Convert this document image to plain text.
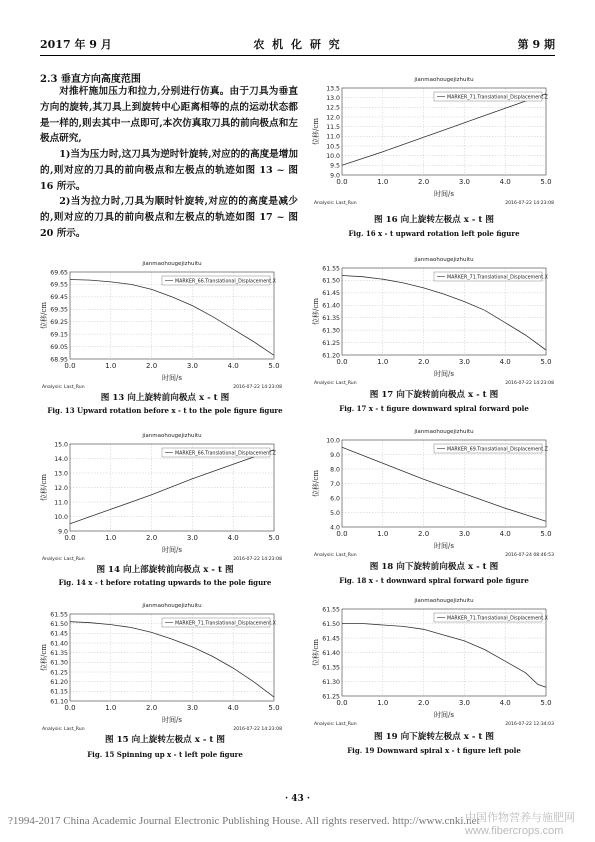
2017 年 9 月	农 机 化 研 究	第 9 期
2.3 垂直方向高度范围
对推杆施加压力和拉力,分别进行仿真。由于刀具为垂直方向的旋转,其刀具上到旋转中心距离相等的点的运动状态都是一样的,则去其中一点即可,本次仿真取刀具的前向极点和左极点研究,
1)当为压力时,这刀具为逆时针旋转,对应的的高度是增加的,则对应的刀具的前向极点和左极点的轨迹如图 13 ~ 图 16 所示。
2)当为拉力时,刀具为顺时针旋转,对应的的高度是减少的,则对应的刀具的前向极点和左极点的轨迹如图 17 ~ 图 20 所示。
jianmaohougejizhuitu
0.0	1.0	2.0	3.0	4.0	5.0
69.65
69.55
69.45
69.35
69.25
69.15
69.05
68.95
MARKER_66.Translational_Displacement.X
位移/cm
时间/s
Analysis: Last_Run	2016-07-22 14:23:08
图 13 向上旋转前向极点 x - t 图
Fig. 13 Upward rotation before x - t to the pole figure figure
jianmaohougejizhuitu
0.0	1.0	2.0	3.0	4.0	5.0
15.0
14.0
13.0
12.0
11.0
10.0
9.0
MARKER_66.Translational_Displacement.Z
位移/cm
时间/s
Analysis: Last_Run	2016-07-22 14:23:08
图 14 向上部旋转前向极点 x - t 图
Fig. 14 x - t before rotating upwards to the pole figure
jianmaohougejizhuitu
0.0	1.0	2.0	3.0	4.0	5.0
61.55
61.50
61.45
61.40
61.35
61.30
61.25
61.20
61.15
61.10
MARKER_71.Translational_Displacement.X
位移/cm
时间/s
Analysis: Last_Run	2016-07-22 14:23:08
图 15 向上旋转左极点 x - t 图
Fig. 15 Spinning up x - t left pole figure
jianmaohougejizhuitu
0.0	1.0	2.0	3.0	4.0	5.0
13.5
13.0
12.5
12.0
11.5
11.0
10.5
10.0
9.5
9.0
MARKER_71.Translational_Displacement.Z
位移/cm
时间/s
Analysis: Last_Run	2016-07-22 14:23:08
图 16 向上旋转左极点 x - t 图
Fig. 16 x - t upward rotation left pole figure
jianmaohougejizhuitu
0.0	1.0	2.0	3.0	4.0	5.0
61.55
61.50
61.45
61.40
61.35
61.30
61.25
61.20
MARKER_71.Translational_Displacement.X
位移/cm
时间/s
Analysis: Last_Run	2016-07-22 14:23:08
图 17 向下旋转前向极点 x - t 图
Fig. 17 x - t figure downward spiral forward pole
jianmaohougejizhuitu
0.0	1.0	2.0	3.0	4.0	5.0
10.0
9.0
8.0
7.0
6.0
5.0
4.0
MARKER_69.Translational_Displacement.Z
位移/cm
时间/s
Analysis: Last_Run	2016-07-24 08:46:53
图 18 向下旋转前向极点 x - t 图
Fig. 18 x - t downward spiral forward pole figure
jianmaohougejizhuitu
0.0	1.0	2.0	3.0	4.0	5.0
61.55
61.50
61.45
61.40
61.35
61.30
61.25
MARKER_71.Translational_Displacement.X
位移/cm
时间/s
Analysis: Last_Run	2016-07-22 12:34:03
图 19 向下旋转左极点 x - t 图
Fig. 19 Downward spiral x - t figure left pole
· 43 ·
?1994-2017 China Academic Journal Electronic Publishing House. All rights reserved. http://www.cnki.net
中国作物营养与施肥网
www.fibercrops.com
